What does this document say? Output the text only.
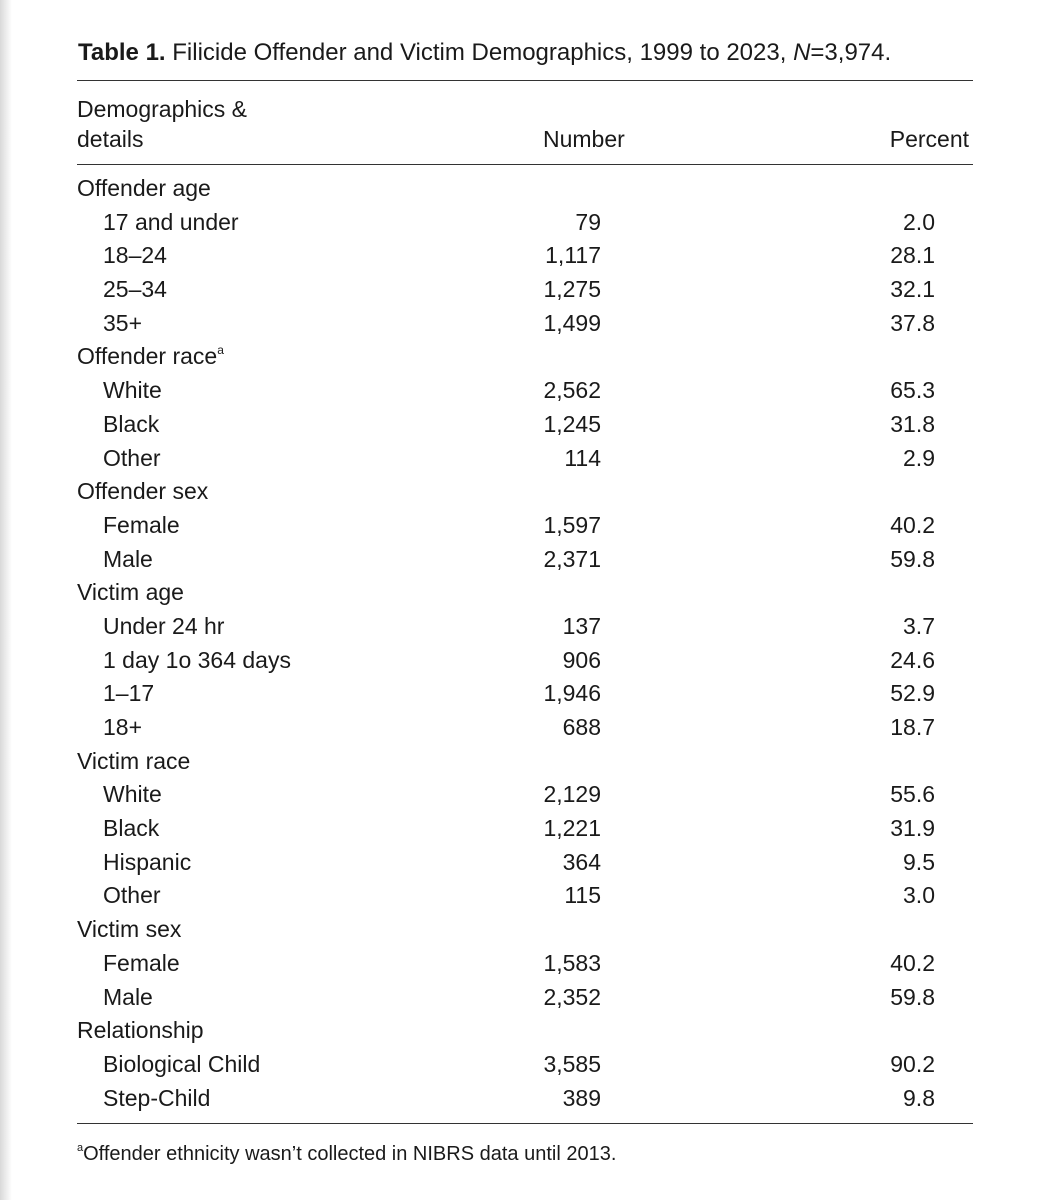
Table 1. Filicide Offender and Victim Demographics, 1999 to 2023, N=3,974.
Demographics &
details	Number	Percent
Offender age
17 and under	79	2.0
18–24	1,117	28.1
25–34	1,275	32.1
35+	1,499	37.8
Offender race$^a$
White	2,562	65.3
Black	1,245	31.8
Other	114	2.9
Offender sex
Female	1,597	40.2
Male	2,371	59.8
Victim age
Under 24 hr	137	3.7
1 day 1o 364 days	906	24.6
1–17	1,946	52.9
18+	688	18.7
Victim race
White	2,129	55.6
Black	1,221	31.9
Hispanic	364	9.5
Other	115	3.0
Victim sex
Female	1,583	40.2
Male	2,352	59.8
Relationship
Biological Child	3,585	90.2
Step-Child	389	9.8
$^a$Offender ethnicity wasn’t collected in NIBRS data until 2013.
